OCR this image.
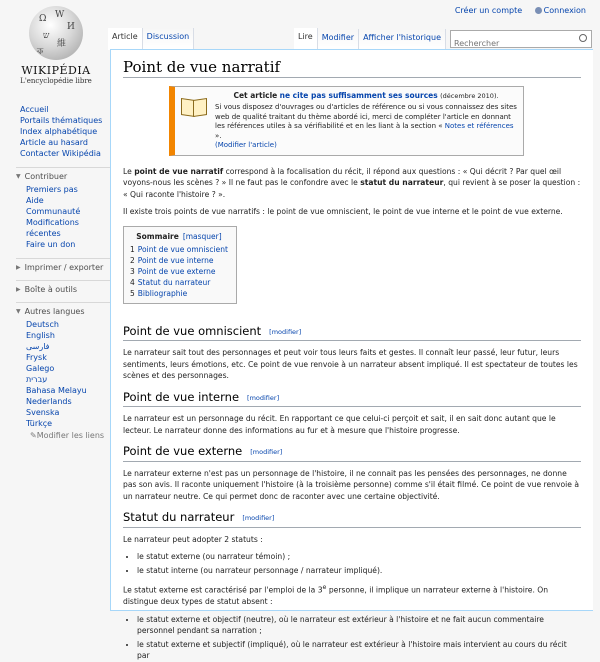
Créer un compte	Connexion
Ω W
И
ש
維
ক
WIKIPÉDIA
L'encyclopédie libre
Article	Discussion	Lire	Modifier	Afficher l'historique
Rechercher
Accueil
Portails thématiques
Index alphabétique
Article au hasard
Contacter Wikipédia
▼ Contribuer
Premiers pas
Aide
Communauté
Modifications récentes
Faire un don
▶ Imprimer / exporter
▶ Boîte à outils
▼ Autres langues
Deutsch
English
فارسی
Frysk
Galego
עברית
Bahasa Melayu
Nederlands
Svenska
Türkçe
✎Modifier les liens
Point de vue narratif
Cet article ne cite pas suffisamment ses sources (décembre 2010).
Si vous disposez d'ouvrages ou d'articles de référence ou si vous connaissez des sites web de qualité traitant du thème abordé ici, merci de compléter l'article en donnant les références utiles à sa vérifiabilité et en les liant à la section « Notes et références ».
(Modifier l'article)

Le point de vue narratif correspond à la focalisation du récit, il répond aux questions : « Qui décrit ? Par quel œil voyons-nous les scènes ? » Il ne faut pas le confondre avec le statut du narrateur, qui revient à se poser la question : « Qui raconte l'histoire ? ».

Il existe trois points de vue narratifs : le point de vue omniscient, le point de vue interne et le point de vue externe.

Sommaire [masquer]
1 Point de vue omniscient
2 Point de vue interne
3 Point de vue externe
4 Statut du narrateur
5 Bibliographie
Point de vue omniscient [modifier]

Le narrateur sait tout des personnages et peut voir tous leurs faits et gestes. Il connaît leur passé, leur futur, leurs sentiments, leurs émotions, etc. Ce point de vue renvoie à un narrateur absent impliqué. Il est spectateur de toutes les scènes et des personnages.

Point de vue interne [modifier]

Le narrateur est un personnage du récit. En rapportant ce que celui-ci perçoit et sait, il en sait donc autant que le lecteur. Le narrateur donne des informations au fur et à mesure que l'histoire progresse.

Point de vue externe [modifier]

Le narrateur externe n'est pas un personnage de l'histoire, il ne connait pas les pensées des personnages, ne donne pas son avis. Il raconte uniquement l'histoire (à la troisième personne) comme s'il était filmé. Ce point de vue renvoie à un narrateur neutre. Ce qui permet donc de raconter avec une certaine objectivité.

Statut du narrateur [modifier]

Le narrateur peut adopter 2 statuts :

• le statut externe (ou narrateur témoin) ;
• le statut interne (ou narrateur personnage / narrateur impliqué).

Le statut externe est caractérisé par l'emploi de la 3e personne, il implique un narrateur externe à l'histoire. On distingue deux types de statut absent :

• le statut externe et objectif (neutre), où le narrateur est extérieur à l'histoire et ne fait aucun commentaire personnel pendant sa narration ;
• le statut externe et subjectif (impliqué), où le narrateur est extérieur à l'histoire mais intervient au cours du récit par
